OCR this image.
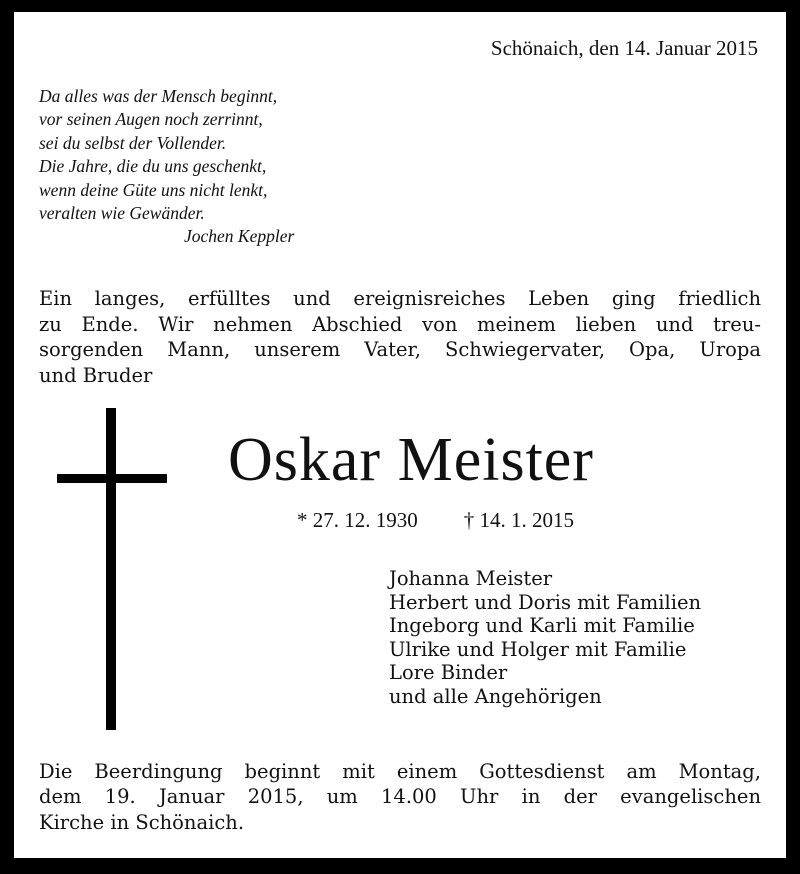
Schönaich, den 14. Januar 2015
Da alles was der Mensch beginnt,
vor seinen Augen noch zerrinnt,
sei du selbst der Vollender.
Die Jahre, die du uns geschenkt,
wenn deine Güte uns nicht lenkt,
veralten wie Gewänder.
Jochen Keppler
Ein langes, erfülltes und ereignisreiches Leben ging friedlich
zu Ende. Wir nehmen Abschied von meinem lieben und treu-
sorgenden Mann, unserem Vater, Schwiegervater, Opa, Uropa
und Bruder
Oskar Meister
* 27. 12. 1930 † 14. 1. 2015
Johanna Meister
Herbert und Doris mit Familien
Ingeborg und Karli mit Familie
Ulrike und Holger mit Familie
Lore Binder
und alle Angehörigen
Die Beerdingung beginnt mit einem Gottesdienst am Montag,
dem 19. Januar 2015, um 14.00 Uhr in der evangelischen
Kirche in Schönaich.
